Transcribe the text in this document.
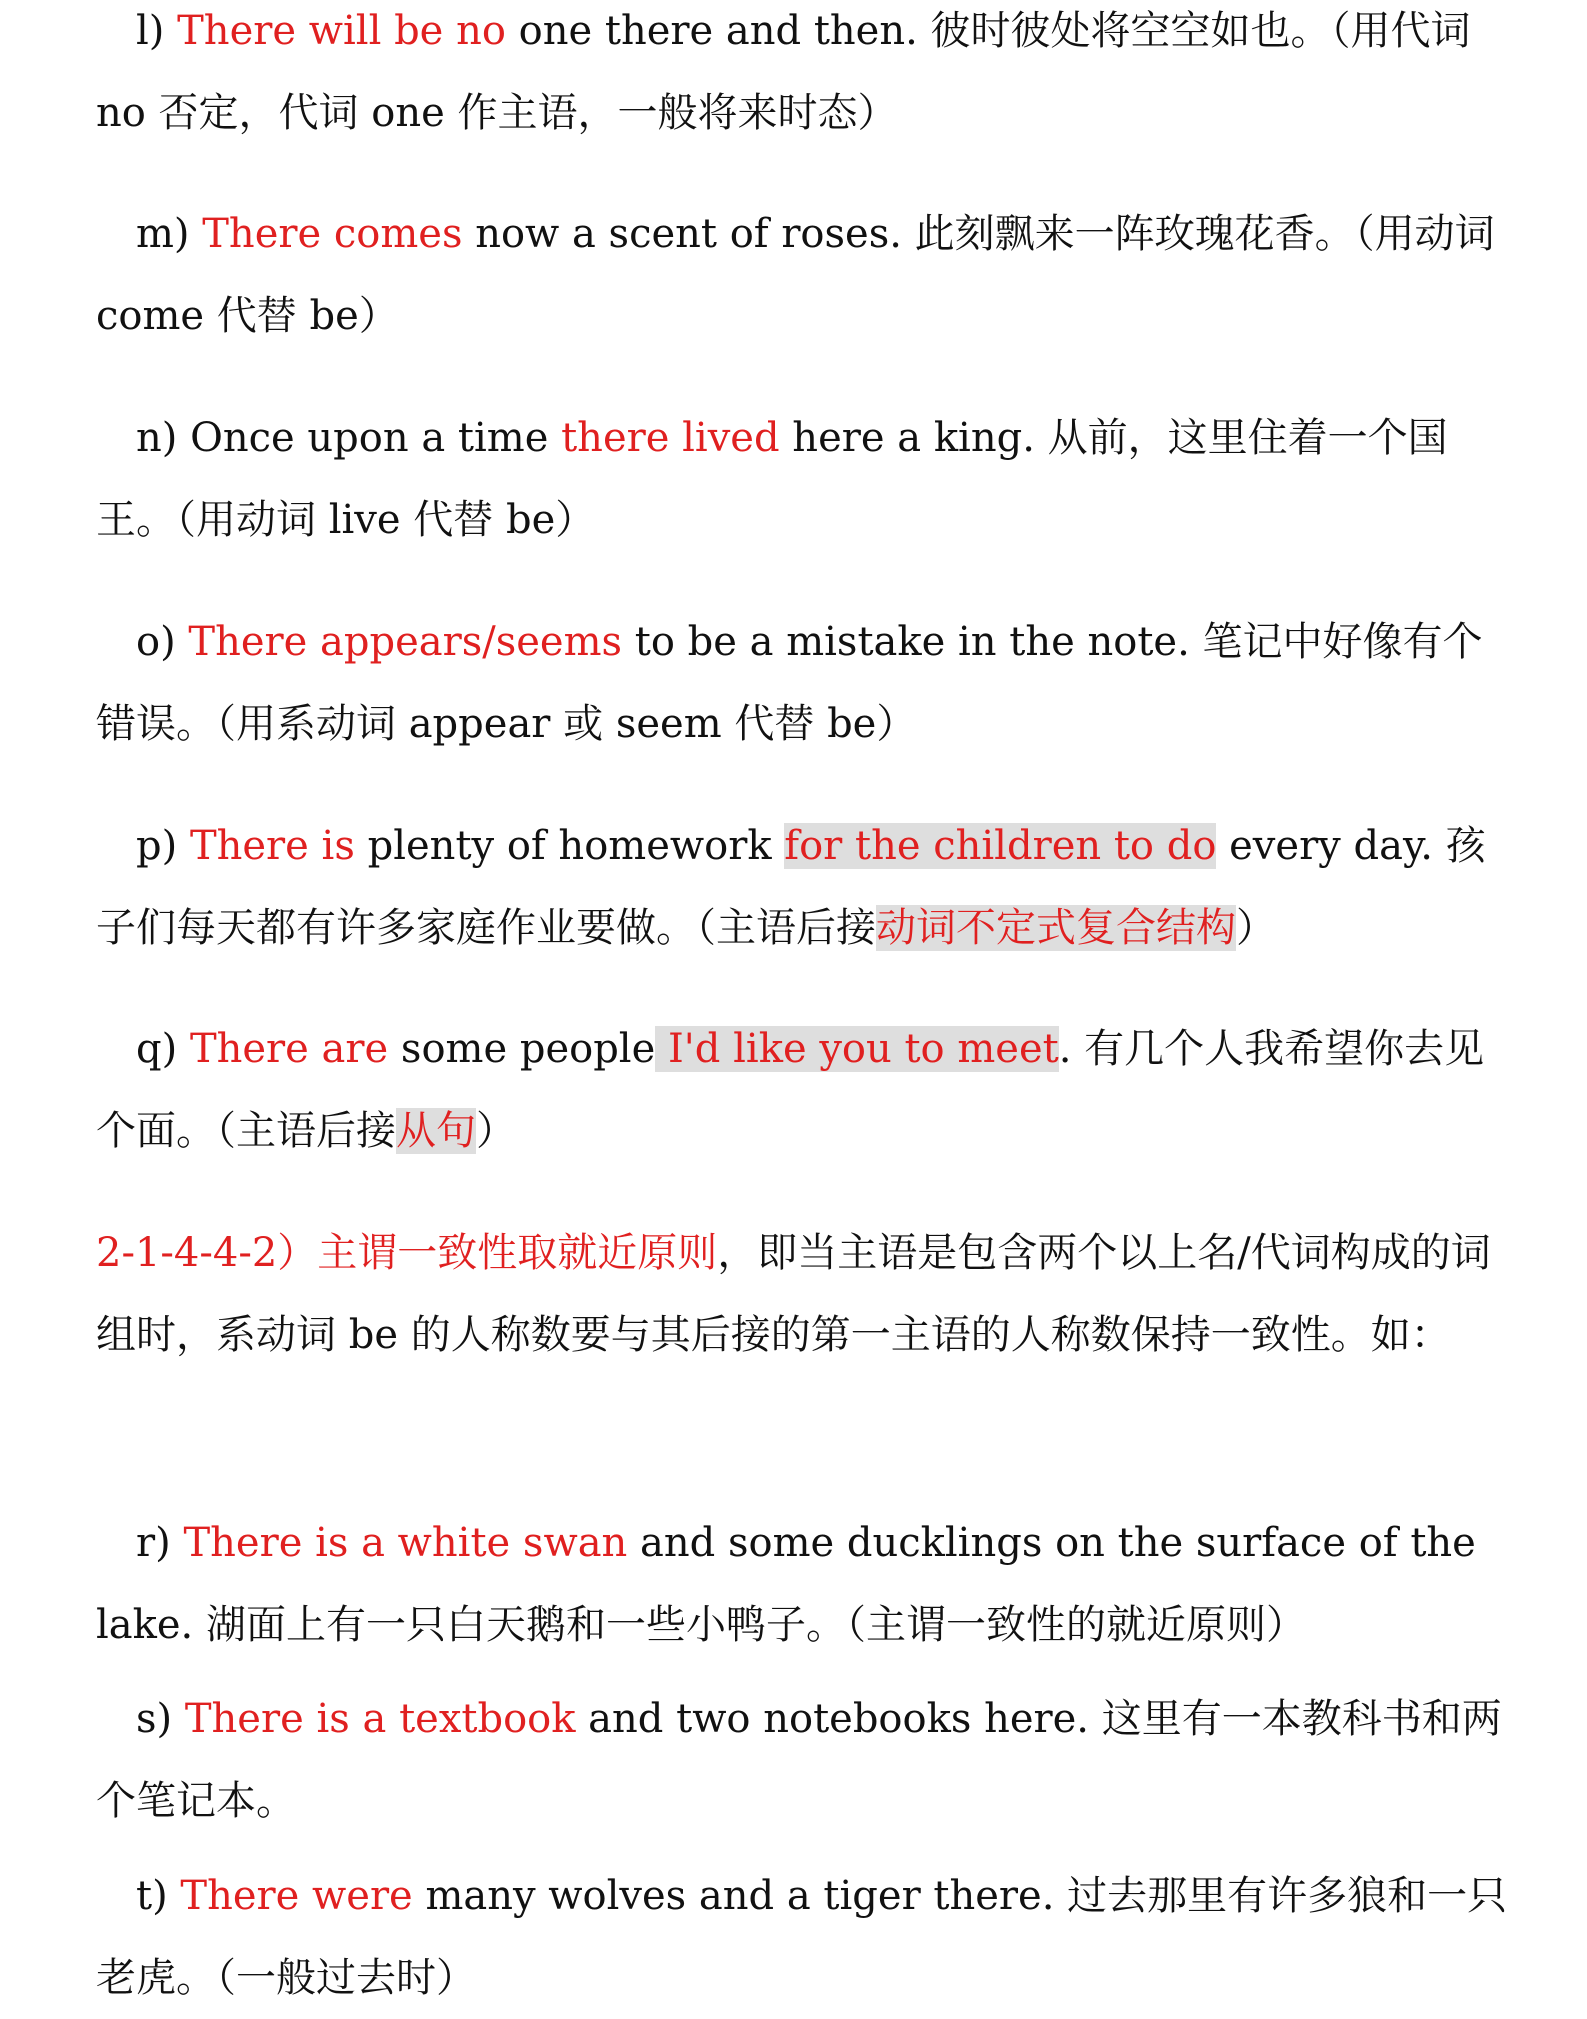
　l) There will be no one there and then. 彼时彼处将空空如也。（用代词 no 否定，代词 one 作主语，一般将来时态）

　m) There comes now a scent of roses. 此刻飘来一阵玫瑰花香。（用动词 come 代替 be）

　n) Once upon a time there lived here a king. 从前，这里住着一个国王。（用动词 live 代替 be）

　o) There appears/seems to be a mistake in the note. 笔记中好像有个错误。（用系动词 appear 或 seem 代替 be）

　p) There is plenty of homework for the children to do every day. 孩子们每天都有许多家庭作业要做。（主语后接动词不定式复合结构）

　q) There are some people I'd like you to meet. 有几个人我希望你去见个面。（主语后接从句）

2-1-4-4-2）主谓一致性取就近原则，即当主语是包含两个以上名/代词构成的词组时，系动词 be 的人称数要与其后接的第一主语的人称数保持一致性。如：

　r) There is a white swan and some ducklings on the surface of the lake. 湖面上有一只白天鹅和一些小鸭子。（主谓一致性的就近原则）

　s) There is a textbook and two notebooks here. 这里有一本教科书和两个笔记本。

　t) There were many wolves and a tiger there. 过去那里有许多狼和一只老虎。（一般过去时）
